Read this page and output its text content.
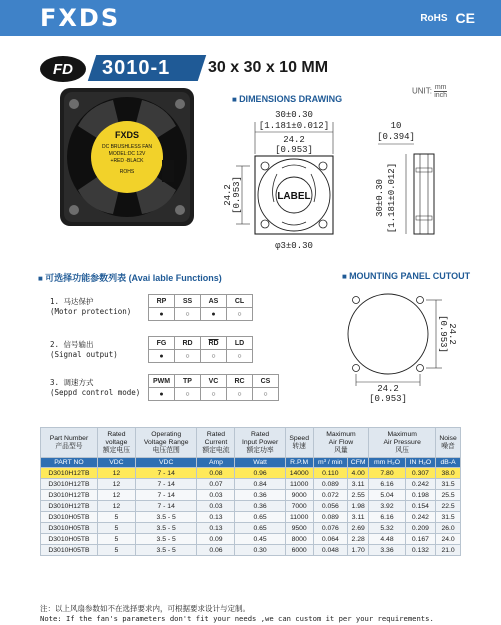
FXDS	RoHS CE
FD	3010-1 30 x 30 x 10 MM
UNIT: $\frac{mm}{\text{inch}}$
■ DIMENSIONS DRAWING
FXDS
DC BRUSHLESS FAN
MODEL:DC 12V
+RED -BLACK
ROHS
30±0.30
[1.181±0.012]
24.2
[0.953]
LABEL
24.2 [0.953]
φ3±0.30
10
[0.394]
30±0.30 [1.181±0.012]
■ 可选择功能参数列表 (Avai lable Functions)	■ MOUNTING PANEL CUTOUT
1. 马达保护
(Motor protection)
RP	SS	AS	CL
●	○	●	○
2. 信号输出
(Signal output)
FG	RD	$\overline{RD}$	LD
●	○	○	○
3. 调速方式
(Seppd control mode)
PWM	TP	VC	RC	CS
●	○	○	○	○
24.2
[0.953]
24.2
[0.953]
Part Number
产品型号	Rated
voltage
额定电压	Operating
Voltage Range
电压范围	Rated
Current
额定电流	Rated
Input Power
额定功率	Speed
转速	Maximum
Air Flow
风量		Maximum
Air Pressure
风压		Noise
噪音
PART NO	VDC	VDC	Amp	Watt	R.P.M	m³ / min	CFM	mm H₂O	IN H₂O	dB-A
D3010H12TB	12	7 - 14	0.08	0.96	14000	0.110	4.00	7.80	0.307	38.0
D3010H12TB	12	7 - 14	0.07	0.84	11000	0.089	3.11	6.16	0.242	31.5
D3010H12TB	12	7 - 14	0.03	0.36	9000	0.072	2.55	5.04	0.198	25.5
D3010H12TB	12	7 - 14	0.03	0.36	7000	0.056	1.98	3.92	0.154	22.5
D3010H05TB	5	3.5 - 5	0.13	0.65	11000	0.089	3.11	6.16	0.242	31.5
D3010H05TB	5	3.5 - 5	0.13	0.65	9500	0.076	2.69	5.32	0.209	26.0
D3010H05TB	5	3.5 - 5	0.09	0.45	8000	0.064	2.28	4.48	0.167	24.0
D3010H05TB	5	3.5 - 5	0.06	0.30	6000	0.048	1.70	3.36	0.132	21.0
注：以上风扇参数如不在选择要求内，可根据要求设计与定制。
Note: If the fan's parameters don't fit your needs ,we can custom it per your requirements.
